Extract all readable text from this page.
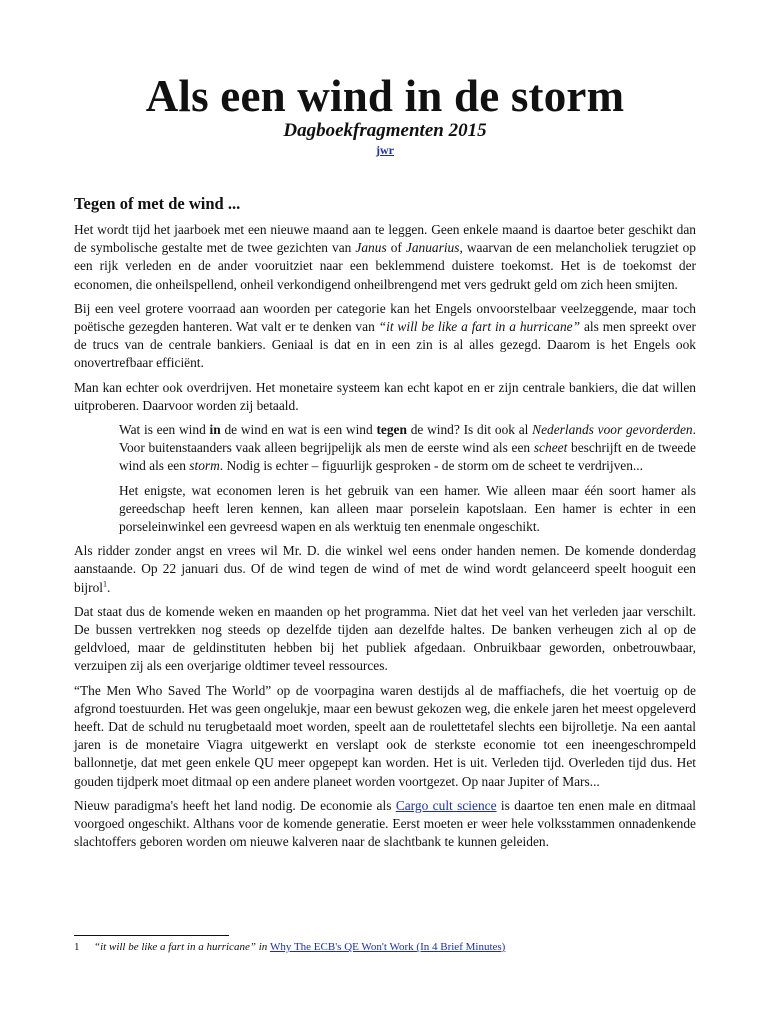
Als een wind in de storm
Dagboekfragmenten 2015
jwr
Tegen of met de wind ...

Het wordt tijd het jaarboek met een nieuwe maand aan te leggen. Geen enkele maand is daartoe beter geschikt dan de symbolische gestalte met de twee gezichten van Janus of Januarius, waarvan de een melancholiek terugziet op een rijk verleden en de ander vooruitziet naar een beklemmend duistere toekomst. Het is de toekomst der economen, die onheilspellend, onheil verkondigend onheilbrengend met vers gedrukt geld om zich heen smijten.

Bij een veel grotere voorraad aan woorden per categorie kan het Engels onvoorstelbaar veelzeggende, maar toch poëtische gezegden hanteren. Wat valt er te denken van “it will be like a fart in a hurricane” als men spreekt over de trucs van de centrale bankiers. Geniaal is dat en in een zin is al alles gezegd. Daarom is het Engels ook onovertrefbaar efficiënt.

Man kan echter ook overdrijven. Het monetaire systeem kan echt kapot en er zijn centrale bankiers, die dat willen uitproberen. Daarvoor worden zij betaald.

Wat is een wind in de wind en wat is een wind tegen de wind? Is dit ook al Nederlands voor gevorderden. Voor buitenstaanders vaak alleen begrijpelijk als men de eerste wind als een scheet beschrijft en de tweede wind als een storm. Nodig is echter – figuurlijk gesproken - de storm om de scheet te verdrijven...

Het enigste, wat economen leren is het gebruik van een hamer. Wie alleen maar één soort hamer als gereedschap heeft leren kennen, kan alleen maar porselein kapotslaan. Een hamer is echter in een porseleinwinkel een gevreesd wapen en als werktuig ten enenmale ongeschikt.

Als ridder zonder angst en vrees wil Mr. D. die winkel wel eens onder handen nemen. De komende donderdag aanstaande. Op 22 januari dus. Of de wind tegen de wind of met de wind wordt gelanceerd speelt hooguit een bijrol$^1$.

Dat staat dus de komende weken en maanden op het programma. Niet dat het veel van het verleden jaar verschilt. De bussen vertrekken nog steeds op dezelfde tijden aan dezelfde haltes. De banken verheugen zich al op de geldvloed, maar de geldinstituten hebben bij het publiek afgedaan. Onbruikbaar geworden, onbetrouwbaar, verzuipen zij als een overjarige oldtimer teveel ressources.

“The Men Who Saved The World” op de voorpagina waren destijds al de maffiachefs, die het voertuig op de afgrond toestuurden. Het was geen ongelukje, maar een bewust gekozen weg, die enkele jaren het meest opgeleverd heeft. Dat de schuld nu terugbetaald moet worden, speelt aan de roulettetafel slechts een bijrolletje. Na een aantal jaren is de monetaire Viagra uitgewerkt en verslapt ook de sterkste economie tot een ineengeschrompeld ballonnetje, dat met geen enkele QU meer opgepept kan worden. Het is uit. Verleden tijd. Overleden tijd dus. Het gouden tijdperk moet ditmaal op een andere planeet worden voortgezet. Op naar Jupiter of Mars...

Nieuw paradigma's heeft het land nodig. De economie als Cargo cult science is daartoe ten enen male en ditmaal voorgoed ongeschikt. Althans voor de komende generatie. Eerst moeten er weer hele volksstammen onnadenkende slachtoffers geboren worden om nieuwe kalveren naar de slachtbank te kunnen geleiden.

1 “it will be like a fart in a hurricane” in Why The ECB's QE Won't Work (In 4 Brief Minutes)
